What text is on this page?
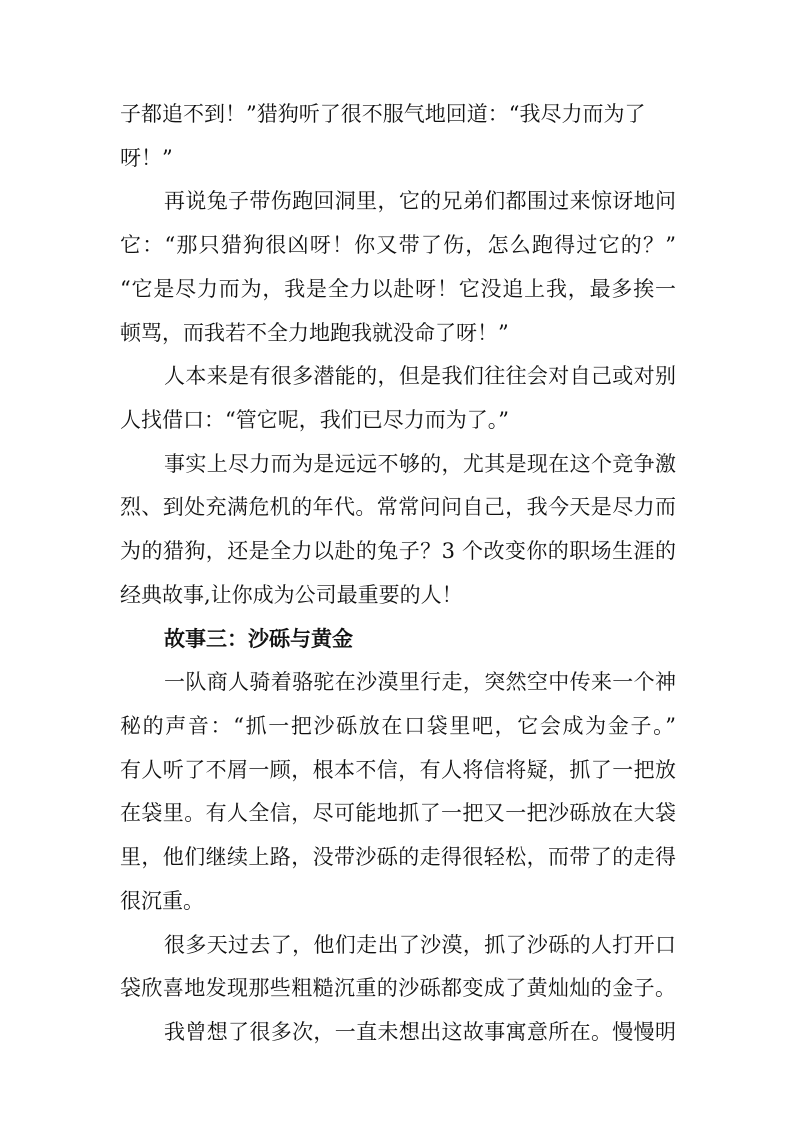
子都追不到！”猎狗听了很不服气地回道：“我尽力而为了
呀！”
再说兔子带伤跑回洞里，它的兄弟们都围过来惊讶地问
它：“那只猎狗很凶呀！你又带了伤，怎么跑得过它的？”
“它是尽力而为，我是全力以赴呀！它没追上我，最多挨一
顿骂，而我若不全力地跑我就没命了呀！”
人本来是有很多潜能的，但是我们往往会对自己或对别
人找借口：“管它呢，我们已尽力而为了。”
事实上尽力而为是远远不够的，尤其是现在这个竞争激
烈、到处充满危机的年代。常常问问自己，我今天是尽力而
为的猎狗，还是全力以赴的兔子？3 个改变你的职场生涯的
经典故事,让你成为公司最重要的人！
故事三：沙砾与黄金
一队商人骑着骆驼在沙漠里行走，突然空中传来一个神
秘的声音：“抓一把沙砾放在口袋里吧，它会成为金子。”
有人听了不屑一顾，根本不信，有人将信将疑，抓了一把放
在袋里。有人全信，尽可能地抓了一把又一把沙砾放在大袋
里，他们继续上路，没带沙砾的走得很轻松，而带了的走得
很沉重。
很多天过去了，他们走出了沙漠，抓了沙砾的人打开口
袋欣喜地发现那些粗糙沉重的沙砾都变成了黄灿灿的金子。
我曾想了很多次，一直未想出这故事寓意所在。慢慢明
